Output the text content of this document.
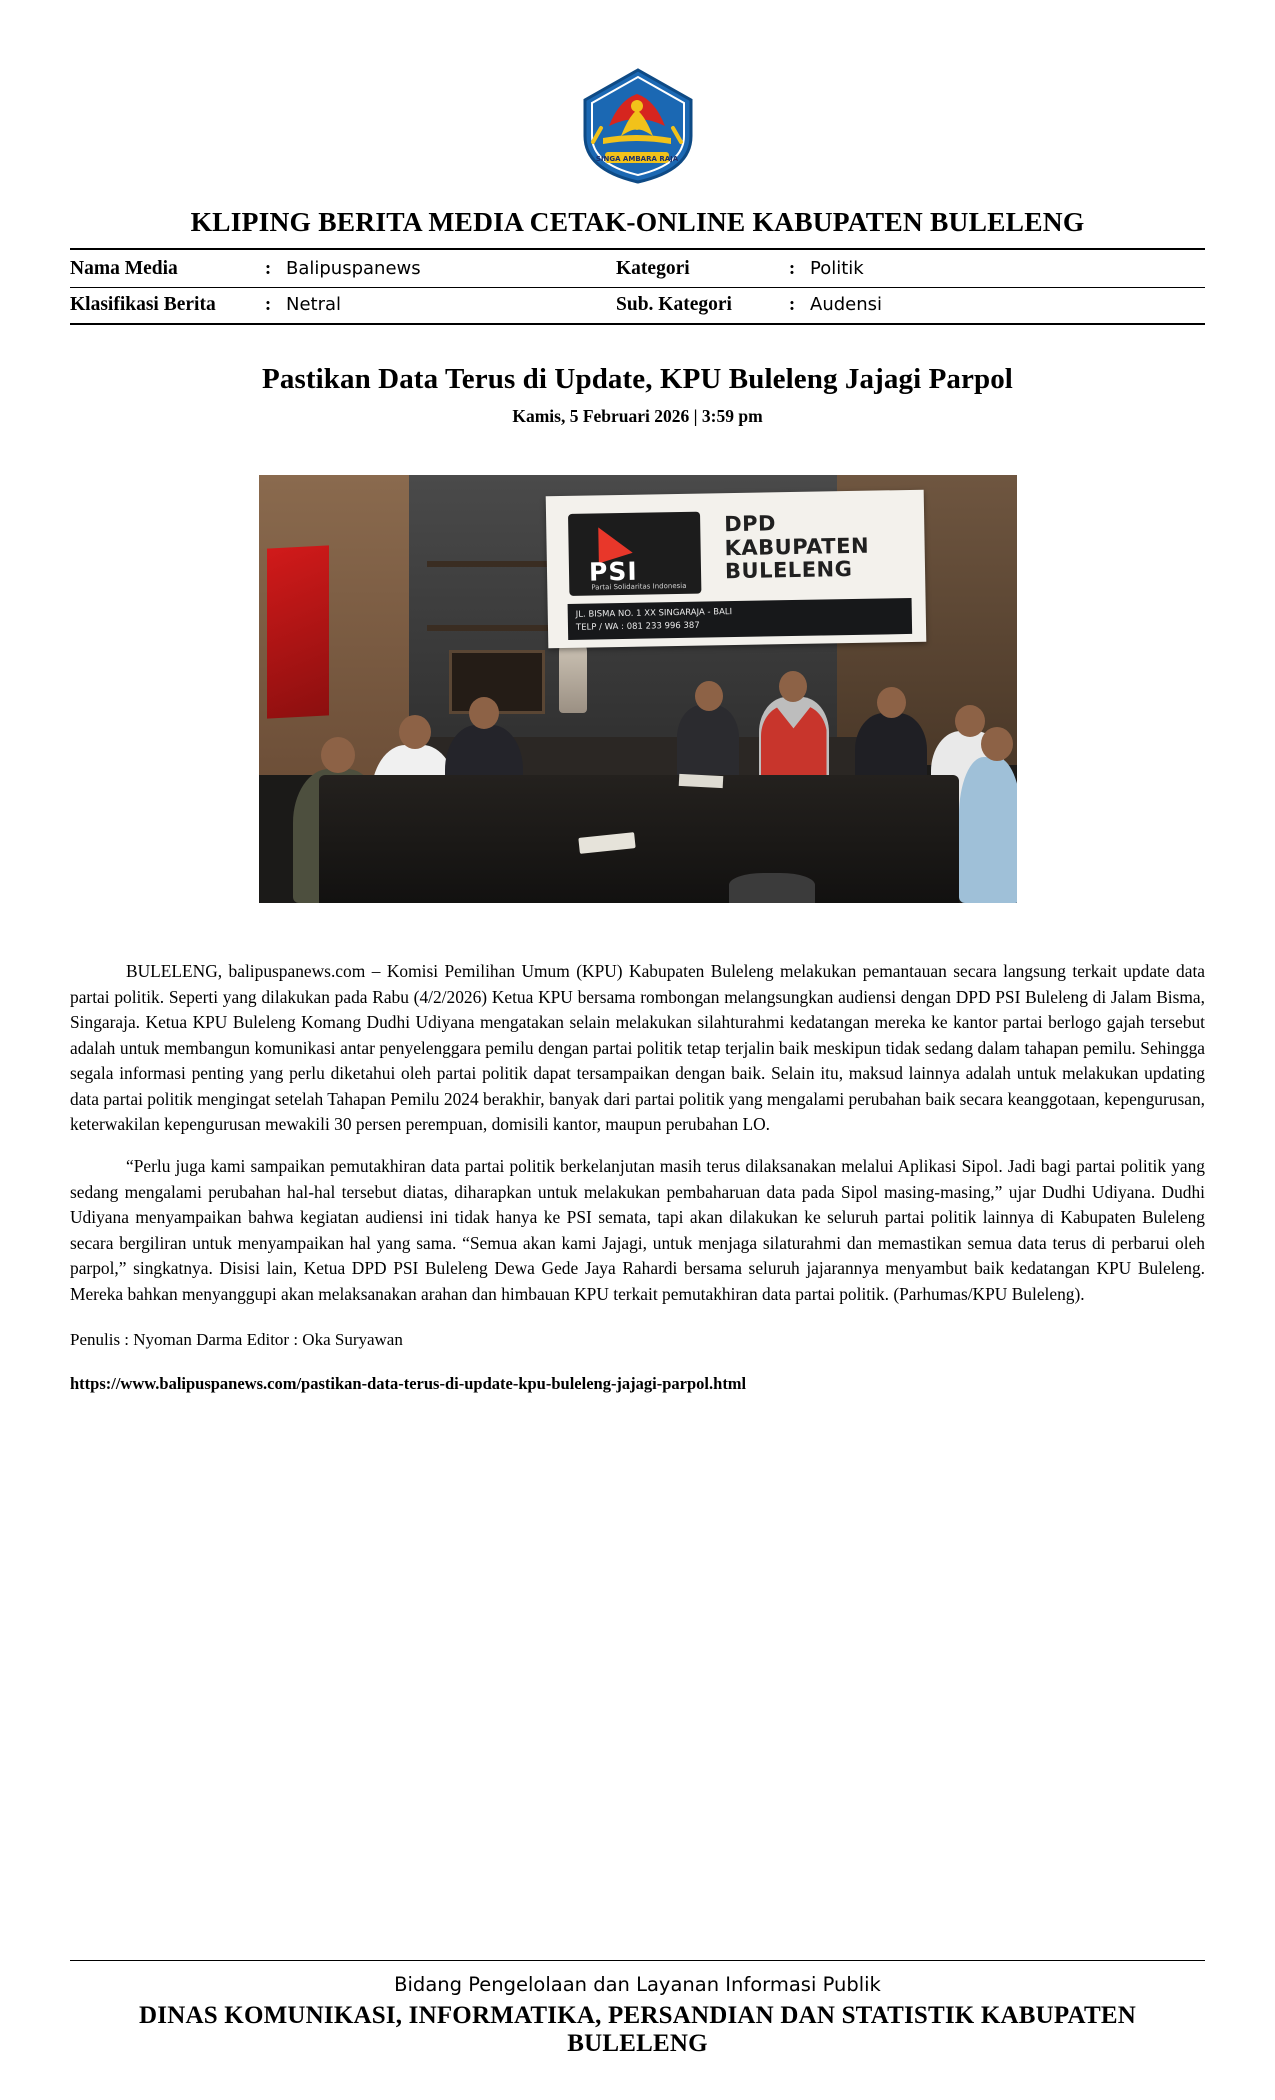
SINGA AMBARA RAJA
KLIPING BERITA MEDIA CETAK-ONLINE KABUPATEN BULELENG
Nama Media	:	Balipuspanews	Kategori	:	Politik

Klasifikasi Berita	:	Netral	Sub. Kategori	:	Audensi
Pastikan Data Terus di Update, KPU Buleleng Jajagi Parpol
Kamis, 5 Februari 2026 | 3:59 pm
PSI
Partai Solidaritas Indonesia
DPD
KABUPATEN
BULELENG
JL. BISMA NO. 1 XX SINGARAJA - BALI
TELP / WA : 081 233 996 387

BULELENG, balipuspanews.com – Komisi Pemilihan Umum (KPU) Kabupaten Buleleng melakukan pemantauan secara langsung terkait update data partai politik. Seperti yang dilakukan pada Rabu (4/2/2026) Ketua KPU bersama rombongan melangsungkan audiensi dengan DPD PSI Buleleng di Jalam Bisma, Singaraja. Ketua KPU Buleleng Komang Dudhi Udiyana mengatakan selain melakukan silahturahmi kedatangan mereka ke kantor partai berlogo gajah tersebut adalah untuk membangun komunikasi antar penyelenggara pemilu dengan partai politik tetap terjalin baik meskipun tidak sedang dalam tahapan pemilu. Sehingga segala informasi penting yang perlu diketahui oleh partai politik dapat tersampaikan dengan baik. Selain itu, maksud lainnya adalah untuk melakukan updating data partai politik mengingat setelah Tahapan Pemilu 2024 berakhir, banyak dari partai politik yang mengalami perubahan baik secara keanggotaan, kepengurusan, keterwakilan kepengurusan mewakili 30 persen perempuan, domisili kantor, maupun perubahan LO.

“Perlu juga kami sampaikan pemutakhiran data partai politik berkelanjutan masih terus dilaksanakan melalui Aplikasi Sipol. Jadi bagi partai politik yang sedang mengalami perubahan hal-hal tersebut diatas, diharapkan untuk melakukan pembaharuan data pada Sipol masing-masing,” ujar Dudhi Udiyana. Dudhi Udiyana menyampaikan bahwa kegiatan audiensi ini tidak hanya ke PSI semata, tapi akan dilakukan ke seluruh partai politik lainnya di Kabupaten Buleleng secara bergiliran untuk menyampaikan hal yang sama. “Semua akan kami Jajagi, untuk menjaga silaturahmi dan memastikan semua data terus di perbarui oleh parpol,” singkatnya. Disisi lain, Ketua DPD PSI Buleleng Dewa Gede Jaya Rahardi bersama seluruh jajarannya menyambut baik kedatangan KPU Buleleng. Mereka bahkan menyanggupi akan melaksanakan arahan dan himbauan KPU terkait pemutakhiran data partai politik. (Parhumas/KPU Buleleng).

Penulis : Nyoman Darma Editor : Oka Suryawan
https://www.balipuspanews.com/pastikan-data-terus-di-update-kpu-buleleng-jajagi-parpol.html
Bidang Pengelolaan dan Layanan Informasi Publik
DINAS KOMUNIKASI, INFORMATIKA, PERSANDIAN DAN STATISTIK KABUPATEN BULELENG
